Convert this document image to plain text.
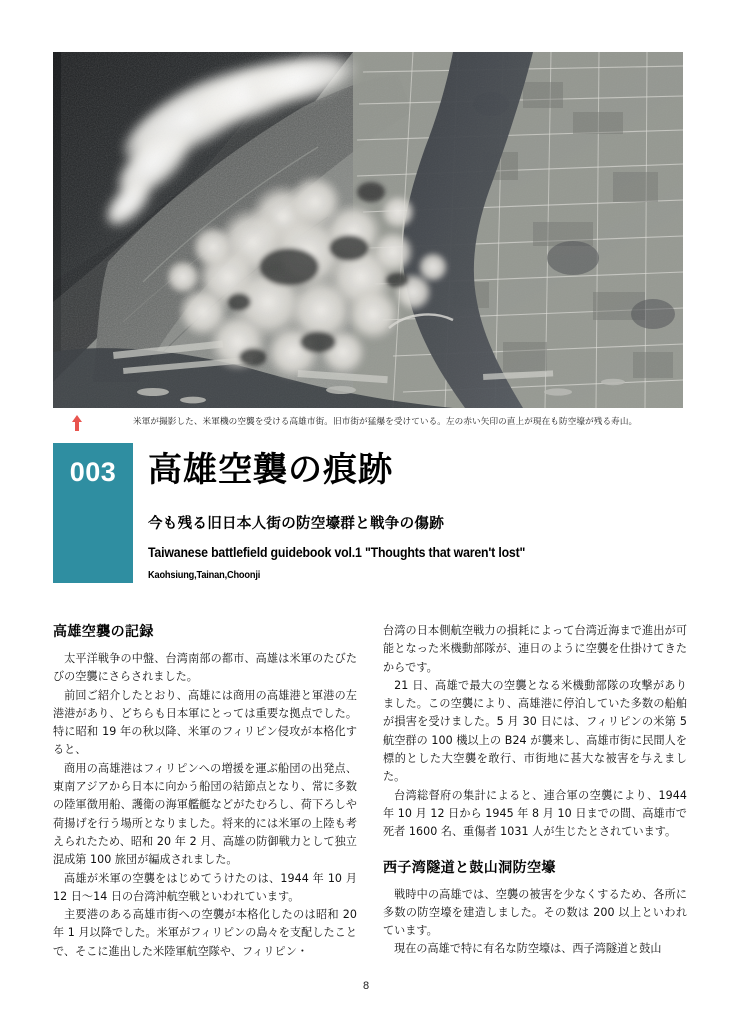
米軍が撮影した、米軍機の空襲を受ける高雄市街。旧市街が猛爆を受けている。左の赤い矢印の直上が現在も防空壕が残る寿山。
003 高雄空襲の痕跡
今も残る旧日本人街の防空壕群と戦争の傷跡
Taiwanese battlefield guidebook vol.1 "Thoughts that waren't lost"
Kaohsiung,Tainan,Choonji
高雄空襲の記録

太平洋戦争の中盤、台湾南部の都市、高雄は米軍のたびたびの空襲にさらされました。

前回ご紹介したとおり、高雄には商用の高雄港と軍港の左港港があり、どちらも日本軍にとっては重要な拠点でした。特に昭和 19 年の秋以降、米軍のフィリピン侵攻が本格化すると、

商用の高雄港はフィリピンへの増援を運ぶ船団の出発点、東南アジアから日本に向かう船団の結節点となり、常に多数の陸軍徴用船、護衛の海軍艦艇などがたむろし、荷下ろしや荷揚げを行う場所となりました。将来的には米軍の上陸も考えられたため、昭和 20 年 2 月、高雄の防御戦力として独立混成第 100 旅団が編成されました。

高雄が米軍の空襲をはじめてうけたのは、1944 年 10 月 12 日〜14 日の台湾沖航空戦といわれています。

主要港のある高雄市街への空襲が本格化したのは昭和 20 年 1 月以降でした。米軍がフィリピンの島々を支配したことで、そこに進出した米陸軍航空隊や、フィリピン・

台湾の日本側航空戦力の損耗によって台湾近海まで進出が可能となった米機動部隊が、連日のように空襲を仕掛けてきたからです。

21 日、高雄で最大の空襲となる米機動部隊の攻撃がありました。この空襲により、高雄港に停泊していた多数の船舶が損害を受けました。5 月 30 日には、フィリピンの米第 5 航空群の 100 機以上の B24 が襲来し、高雄市街に民間人を標的とした大空襲を敢行、市街地に甚大な被害を与えました。

台湾総督府の集計によると、連合軍の空襲により、1944 年 10 月 12 日から 1945 年 8 月 10 日までの間、高雄市で死者 1600 名、重傷者 1031 人が生じたとされています。

西子湾隧道と鼓山洞防空壕

戦時中の高雄では、空襲の被害を少なくするため、各所に多数の防空壕を建造しました。その数は 200 以上といわれています。

現在の高雄で特に有名な防空壕は、西子湾隧道と鼓山

8
